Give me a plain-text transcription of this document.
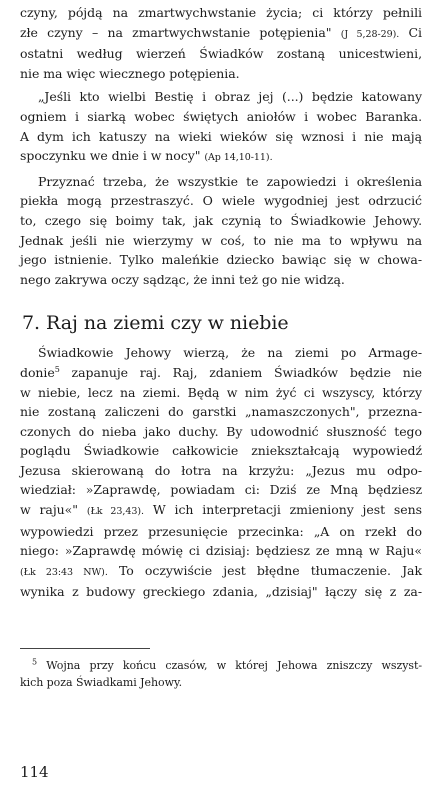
czyny, pójdą na zmartwychwstanie życia; ci którzy pełnili
złe czyny – na zmartwychwstanie potępienia" (J 5,28-29). Ci
ostatni według wierzeń Świadków zostaną unicestwieni,
nie ma więc wiecznego potępienia.
„Jeśli kto wielbi Bestię i obraz jej (...) będzie katowany
ogniem i siarką wobec świętych aniołów i wobec Baranka.
A dym ich katuszy na wieki wieków się wznosi i nie mają
spoczynku we dnie i w nocy" (Ap 14,10-11).
Przyznać trzeba, że wszystkie te zapowiedzi i określenia
piekła mogą przestraszyć. O wiele wygodniej jest odrzucić
to, czego się boimy tak, jak czynią to Świadkowie Jehowy.
Jednak jeśli nie wierzymy w coś, to nie ma to wpływu na
jego istnienie. Tylko maleńkie dziecko bawiąc się w chowa-
nego zakrywa oczy sądząc, że inni też go nie widzą.
7. Raj na ziemi czy w niebie
Świadkowie Jehowy wierzą, że na ziemi po Armage-
donie$^5$ zapanuje raj. Raj, zdaniem Świadków będzie nie
w niebie, lecz na ziemi. Będą w nim żyć ci wszyscy, którzy
nie zostaną zaliczeni do garstki „namaszczonych", przezna-
czonych do nieba jako duchy. By udowodnić słuszność tego
poglądu Świadkowie całkowicie zniekształcają wypowiedź
Jezusa skierowaną do łotra na krzyżu: „Jezus mu odpo-
wiedział: »Zaprawdę, powiadam ci: Dziś ze Mną będziesz
w raju«" (Łk 23,43). W ich interpretacji zmieniony jest sens
wypowiedzi przez przesunięcie przecinka: „A on rzekł do
niego: »Zaprawdę mówię ci dzisiaj: będziesz ze mną w Raju«
(Łk 23:43 NW). To oczywiście jest błędne tłumaczenie. Jak
wynika z budowy greckiego zdania, „dzisiaj" łączy się z za-
$^5$ Wojna przy końcu czasów, w której Jehowa zniszczy wszyst-
kich poza Świadkami Jehowy.
114
